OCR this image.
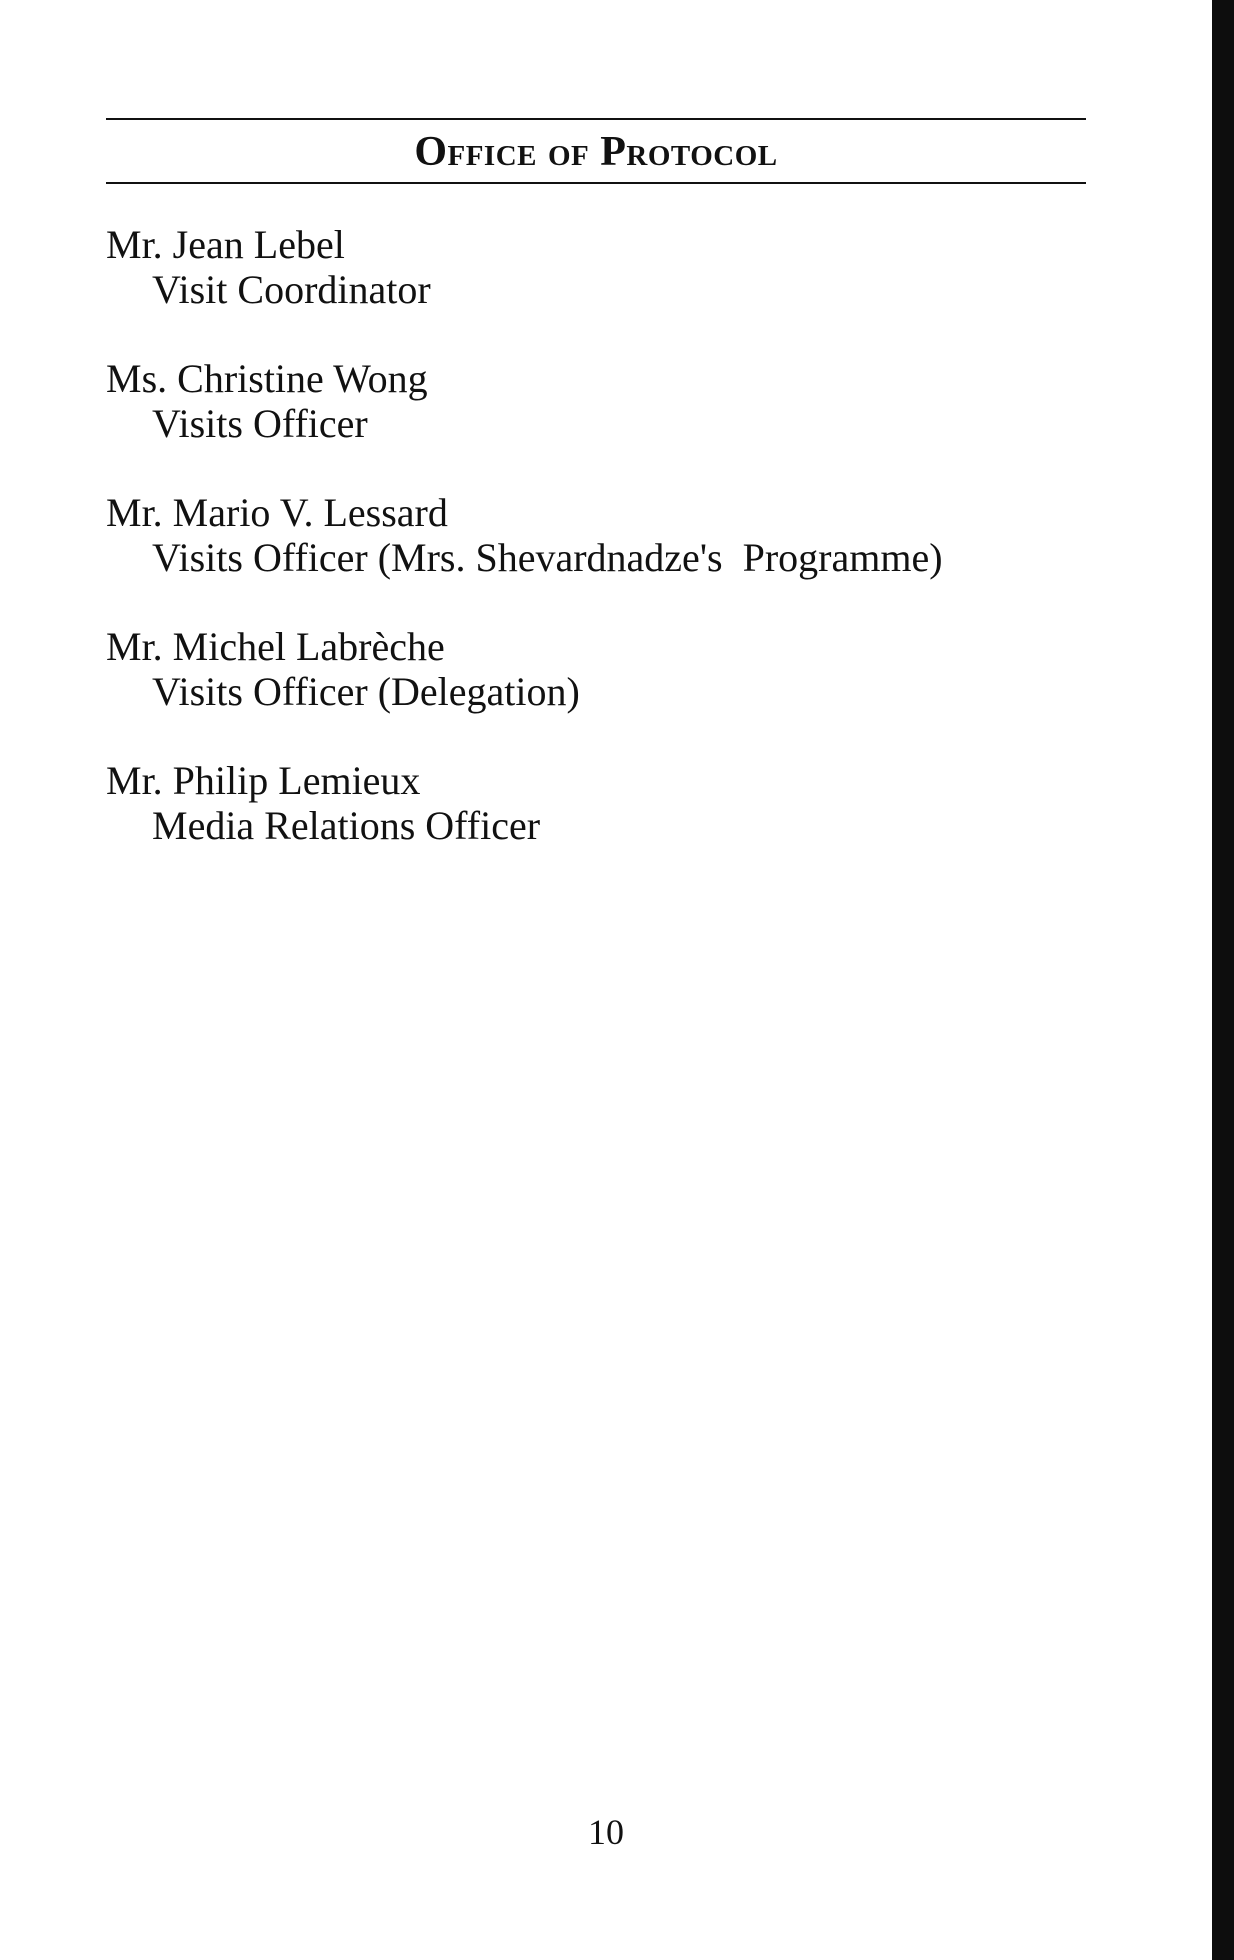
Office of Protocol
Mr. Jean Lebel
Visit Coordinator
Ms. Christine Wong
Visits Officer
Mr. Mario V. Lessard
Visits Officer (Mrs. Shevardnadze's  Programme)
Mr. Michel Labrèche
Visits Officer (Delegation)
Mr. Philip Lemieux
Media Relations Officer
10
